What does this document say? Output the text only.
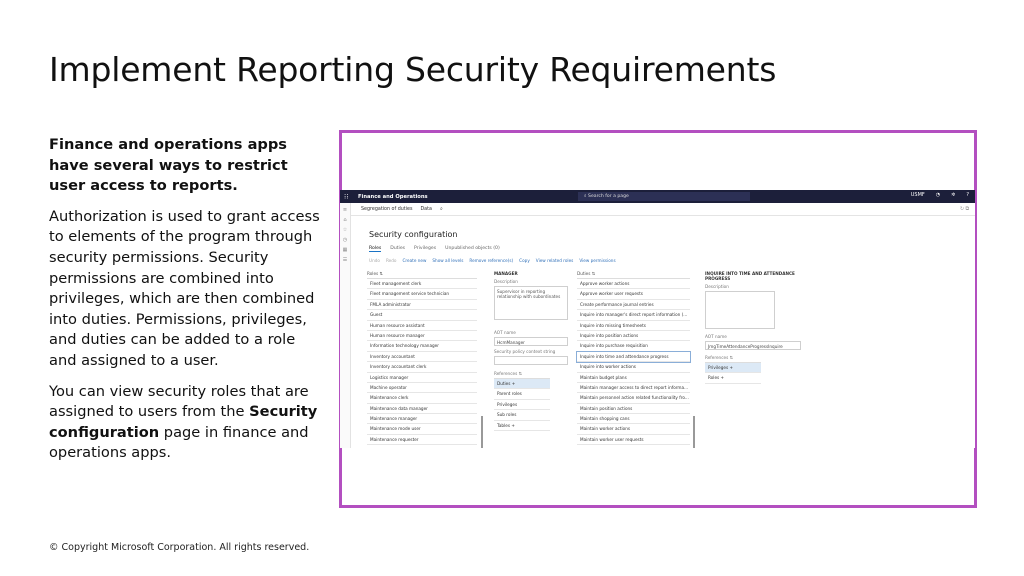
Implement Reporting Security Requirements

Finance and operations apps have several ways to restrict user access to reports.

Authorization is used to grant access to elements of the program through security permissions. Security permissions are combined into privileges, which are then combined into duties. Permissions, privileges, and duties can be added to a role and assigned to a user.

You can view security roles that are assigned to users from the Security configuration page in finance and operations apps.

© Copyright Microsoft Corporation. All rights reserved.
⁝⁝	Finance and Operations	⌕ Search for a page	USMF ◔ ✲ ?
≡
⌂
☆
◷
▦
☰
Segregation of duties Data ⌕	↻ ⧉
Security configuration
Roles Duties Privileges Unpublished objects (0)
Undo Redo Create new Show all levels Remove reference(s) Copy View related roles View permissions
Roles ⇅
Fleet management clerk
Fleet management service technician
FMLA administrator
Guest
Human resource assistant
Human resource manager
Information technology manager
Inventory accountant
Inventory accountant clerk
Logistics manager
Machine operator
Maintenance clerk
Maintenance data manager
Maintenance manager
Maintenance mode user
Maintenance requester
MANAGER
Description
Supervisor in reporting relationship with subordinates
AOT name
HcmManager
Security policy context string
References ⇅
Duties +
Parent roles
Privileges
Sub roles
Tables +
Duties ⇅
Approve worker actions
Approve worker user requests
Create performance journal entries
Inquire into manager's direct report information (...
Inquire into missing timesheets
Inquire into position actions
Inquire into purchase requisition
Inquire into time and attendance progress
Inquire into worker actions
Maintain budget plans
Maintain manager access to direct report informa...
Maintain personnel action related functionality fro...
Maintain position actions
Maintain shopping cans
Maintain worker actions
Maintain worker user requests
INQUIRE INTO TIME AND ATTENDANCE PROGRESS
Description
AOT name
JmgTimeAttendanceProgressInquire
References ⇅
Privileges +
Roles +
